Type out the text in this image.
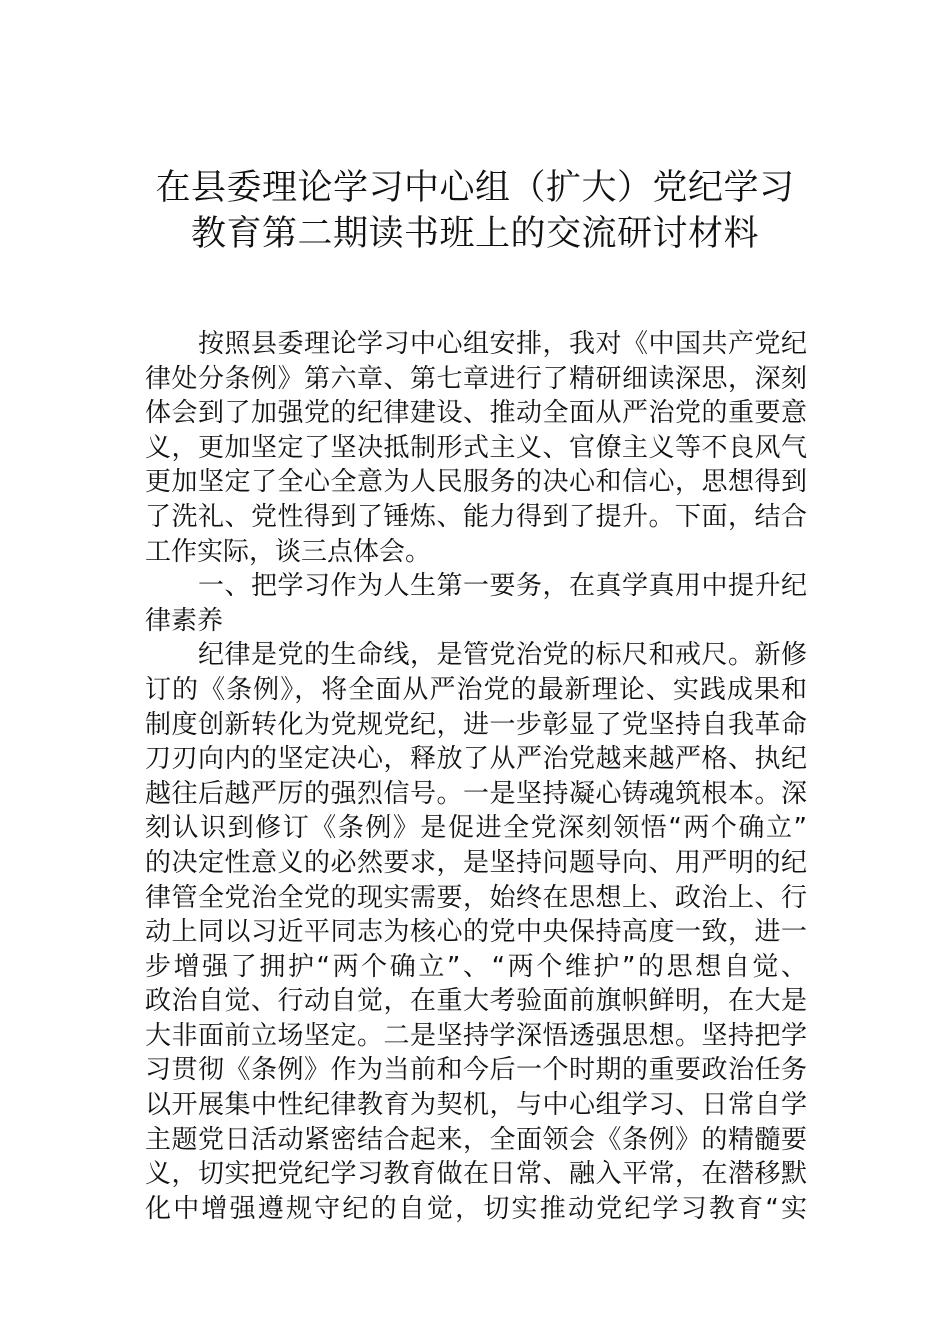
在县委理论学习中心组（扩大）党纪学习
教育第二期读书班上的交流研讨材料
　　按照县委理论学习中心组安排，我对《中国共产党纪
律处分条例》第六章、第七章进行了精研细读深思，深刻
体会到了加强党的纪律建设、推动全面从严治党的重要意
义，更加坚定了坚决抵制形式主义、官僚主义等不良风气
更加坚定了全心全意为人民服务的决心和信心，思想得到
了洗礼、党性得到了锤炼、能力得到了提升。下面，结合
工作实际，谈三点体会。
　　一、把学习作为人生第一要务，在真学真用中提升纪
律素养
　　纪律是党的生命线，是管党治党的标尺和戒尺。新修
订的《条例》，将全面从严治党的最新理论、实践成果和
制度创新转化为党规党纪，进一步彰显了党坚持自我革命
刀刃向内的坚定决心，释放了从严治党越来越严格、执纪
越往后越严厉的强烈信号。一是坚持凝心铸魂筑根本。深
刻认识到修订《条例》是促进全党深刻领悟“两个确立”
的决定性意义的必然要求，是坚持问题导向、用严明的纪
律管全党治全党的现实需要，始终在思想上、政治上、行
动上同以习近平同志为核心的党中央保持高度一致，进一
步增强了拥护“两个确立”、“两个维护”的思想自觉、
政治自觉、行动自觉，在重大考验面前旗帜鲜明，在大是
大非面前立场坚定。二是坚持学深悟透强思想。坚持把学
习贯彻《条例》作为当前和今后一个时期的重要政治任务
以开展集中性纪律教育为契机，与中心组学习、日常自学
主题党日活动紧密结合起来，全面领会《条例》的精髓要
义，切实把党纪学习教育做在日常、融入平常，在潜移默
化中增强遵规守纪的自觉，切实推动党纪学习教育“实
